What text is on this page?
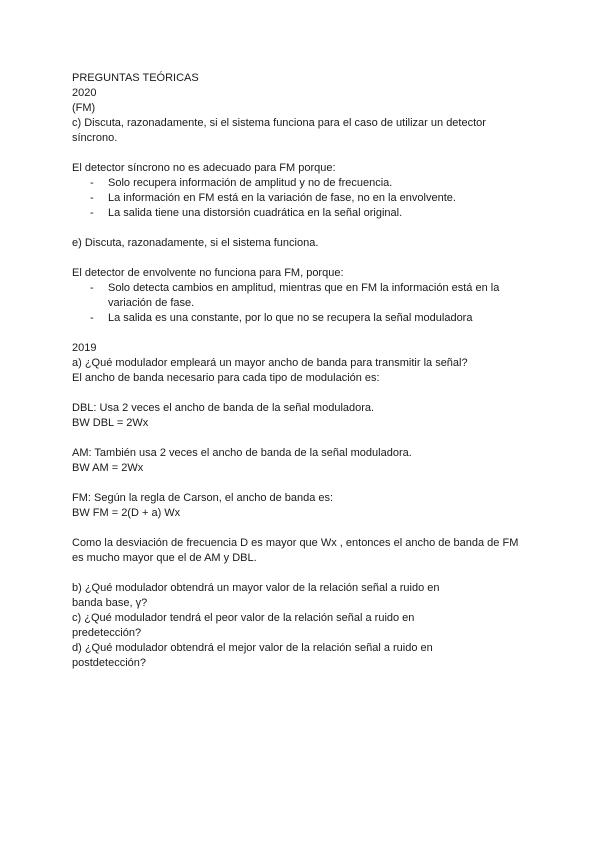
PREGUNTAS TEÓRICAS
2020
(FM)
c) Discuta, razonadamente, si el sistema funciona para el caso de utilizar un detector
síncrono.
El detector síncrono no es adecuado para FM porque:
- Solo recupera información de amplitud y no de frecuencia.
- La información en FM está en la variación de fase, no en la envolvente.
- La salida tiene una distorsión cuadrática en la señal original.
e) Discuta, razonadamente, si el sistema funciona.
El detector de envolvente no funciona para FM, porque:
- Solo detecta cambios en amplitud, mientras que en FM la información está en la variación de fase.
- La salida es una constante, por lo que no se recupera la señal moduladora
2019
a) ¿Qué modulador empleará un mayor ancho de banda para transmitir la señal?
El ancho de banda necesario para cada tipo de modulación es:
DBL: Usa 2 veces el ancho de banda de la señal moduladora.
BW DBL = 2Wx
AM: También usa 2 veces el ancho de banda de la señal moduladora.
BW AM = 2Wx
FM: Según la regla de Carson, el ancho de banda es:
BW FM = 2(D + a) Wx
Como la desviación de frecuencia D es mayor que Wx , entonces el ancho de banda de FM
es mucho mayor que el de AM y DBL.
b) ¿Qué modulador obtendrá un mayor valor de la relación señal a ruido en
banda base, γ?
c) ¿Qué modulador tendrá el peor valor de la relación señal a ruido en
predetección?
d) ¿Qué modulador obtendrá el mejor valor de la relación señal a ruido en
postdetección?
